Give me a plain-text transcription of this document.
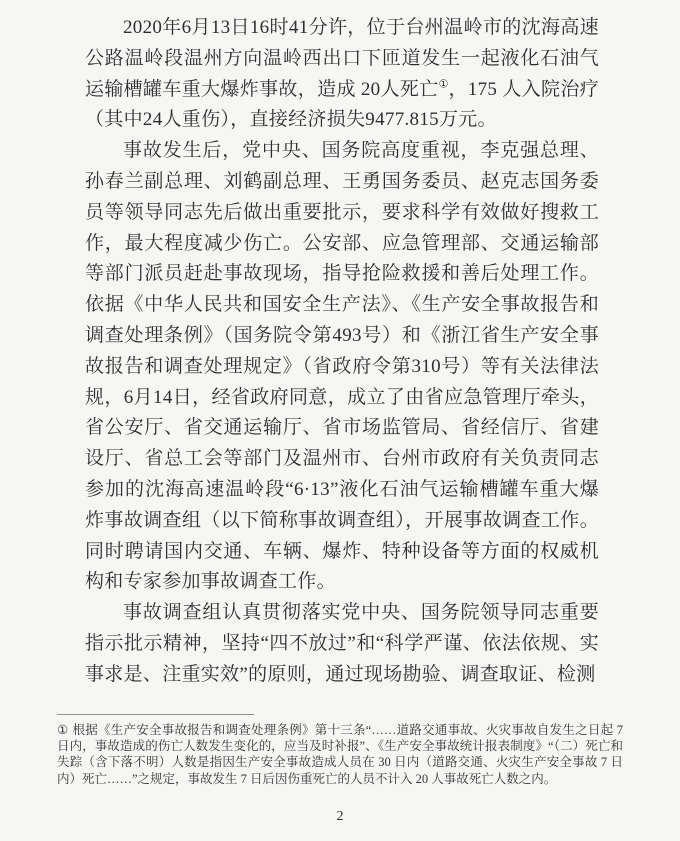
2020年6月13日16时41分许，位于台州温岭市的沈海高速公路温岭段温州方向温岭西出口下匝道发生一起液化石油气运输槽罐车重大爆炸事故，造成 20人死亡①，175 人入院治疗（其中24人重伤），直接经济损失9477.815万元。

事故发生后，党中央、国务院高度重视，李克强总理、孙春兰副总理、刘鹤副总理、王勇国务委员、赵克志国务委员等领导同志先后做出重要批示，要求科学有效做好搜救工作，最大程度减少伤亡。公安部、应急管理部、交通运输部等部门派员赶赴事故现场，指导抢险救援和善后处理工作。依据《中华人民共和国安全生产法》、《生产安全事故报告和调查处理条例》（国务院令第493号）和《浙江省生产安全事故报告和调查处理规定》（省政府令第310号）等有关法律法规，6月14日，经省政府同意，成立了由省应急管理厅牵头，省公安厅、省交通运输厅、省市场监管局、省经信厅、省建设厅、省总工会等部门及温州市、台州市政府有关负责同志参加的沈海高速温岭段“6·13”液化石油气运输槽罐车重大爆炸事故调查组（以下简称事故调查组），开展事故调查工作。同时聘请国内交通、车辆、爆炸、特种设备等方面的权威机构和专家参加事故调查工作。

事故调查组认真贯彻落实党中央、国务院领导同志重要指示批示精神，坚持“四不放过”和“科学严谨、依法依规、实事求是、注重实效”的原则，通过现场勘验、调查取证、检测

① 根据《生产安全事故报告和调查处理条例》第十三条“……道路交通事故、火灾事故自发生之日起 7 日内，事故造成的伤亡人数发生变化的，应当及时补报”、《生产安全事故统计报表制度》“（二）死亡和失踪（含下落不明）人数是指因生产安全事故造成人员在 30 日内（道路交通、火灾生产安全事故 7 日内）死亡……”之规定，事故发生 7 日后因伤重死亡的人员不计入 20 人事故死亡人数之内。

2
